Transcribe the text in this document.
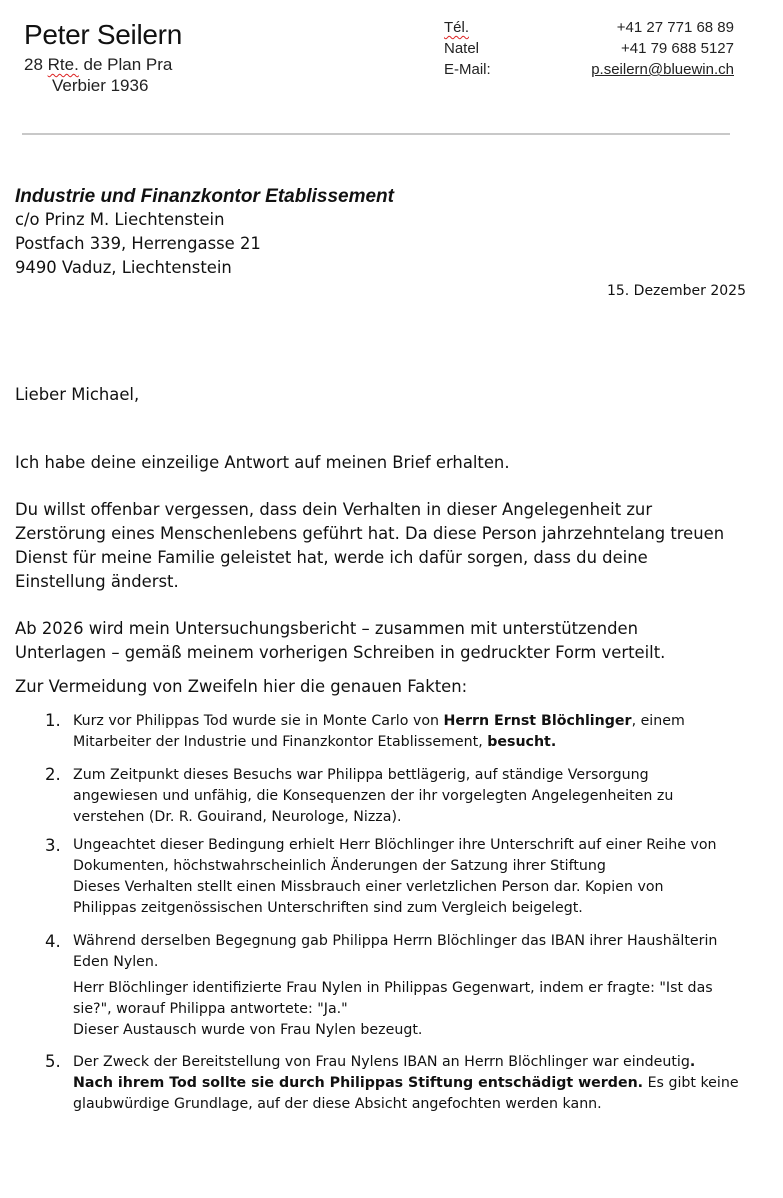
Peter Seilern
28 Rte. de Plan Pra
Verbier 1936
Tél.	+41 27 771 68 89
Natel	+41 79 688 5127
E-Mail:	p.seilern@bluewin.ch
Industrie und Finanzkontor Etablissement
c/o Prinz M. Liechtenstein
Postfach 339, Herrengasse 21
9490 Vaduz, Liechtenstein
15. Dezember 2025
Lieber Michael,
Ich habe deine einzeilige Antwort auf meinen Brief erhalten.
Du willst offenbar vergessen, dass dein Verhalten in dieser Angelegenheit zur
Zerstörung eines Menschenlebens geführt hat. Da diese Person jahrzehntelang treuen
Dienst für meine Familie geleistet hat, werde ich dafür sorgen, dass du deine
Einstellung änderst.
Ab 2026 wird mein Untersuchungsbericht – zusammen mit unterstützenden
Unterlagen – gemäß meinem vorherigen Schreiben in gedruckter Form verteilt.
Zur Vermeidung von Zweifeln hier die genauen Fakten:
1. Kurz vor Philippas Tod wurde sie in Monte Carlo von Herrn Ernst Blöchlinger, einem
Mitarbeiter der Industrie und Finanzkontor Etablissement, besucht.
2. Zum Zeitpunkt dieses Besuchs war Philippa bettlägerig, auf ständige Versorgung
angewiesen und unfähig, die Konsequenzen der ihr vorgelegten Angelegenheiten zu
verstehen (Dr. R. Gouirand, Neurologe, Nizza).
3. Ungeachtet dieser Bedingung erhielt Herr Blöchlinger ihre Unterschrift auf einer Reihe von
Dokumenten, höchstwahrscheinlich Änderungen der Satzung ihrer Stiftung
Dieses Verhalten stellt einen Missbrauch einer verletzlichen Person dar. Kopien von
Philippas zeitgenössischen Unterschriften sind zum Vergleich beigelegt.
4. Während derselben Begegnung gab Philippa Herrn Blöchlinger das IBAN ihrer Haushälterin
Eden Nylen.
Herr Blöchlinger identifizierte Frau Nylen in Philippas Gegenwart, indem er fragte: "Ist das
sie?", worauf Philippa antwortete: "Ja."
Dieser Austausch wurde von Frau Nylen bezeugt.
5. Der Zweck der Bereitstellung von Frau Nylens IBAN an Herrn Blöchlinger war eindeutig.
Nach ihrem Tod sollte sie durch Philippas Stiftung entschädigt werden. Es gibt keine
glaubwürdige Grundlage, auf der diese Absicht angefochten werden kann.
